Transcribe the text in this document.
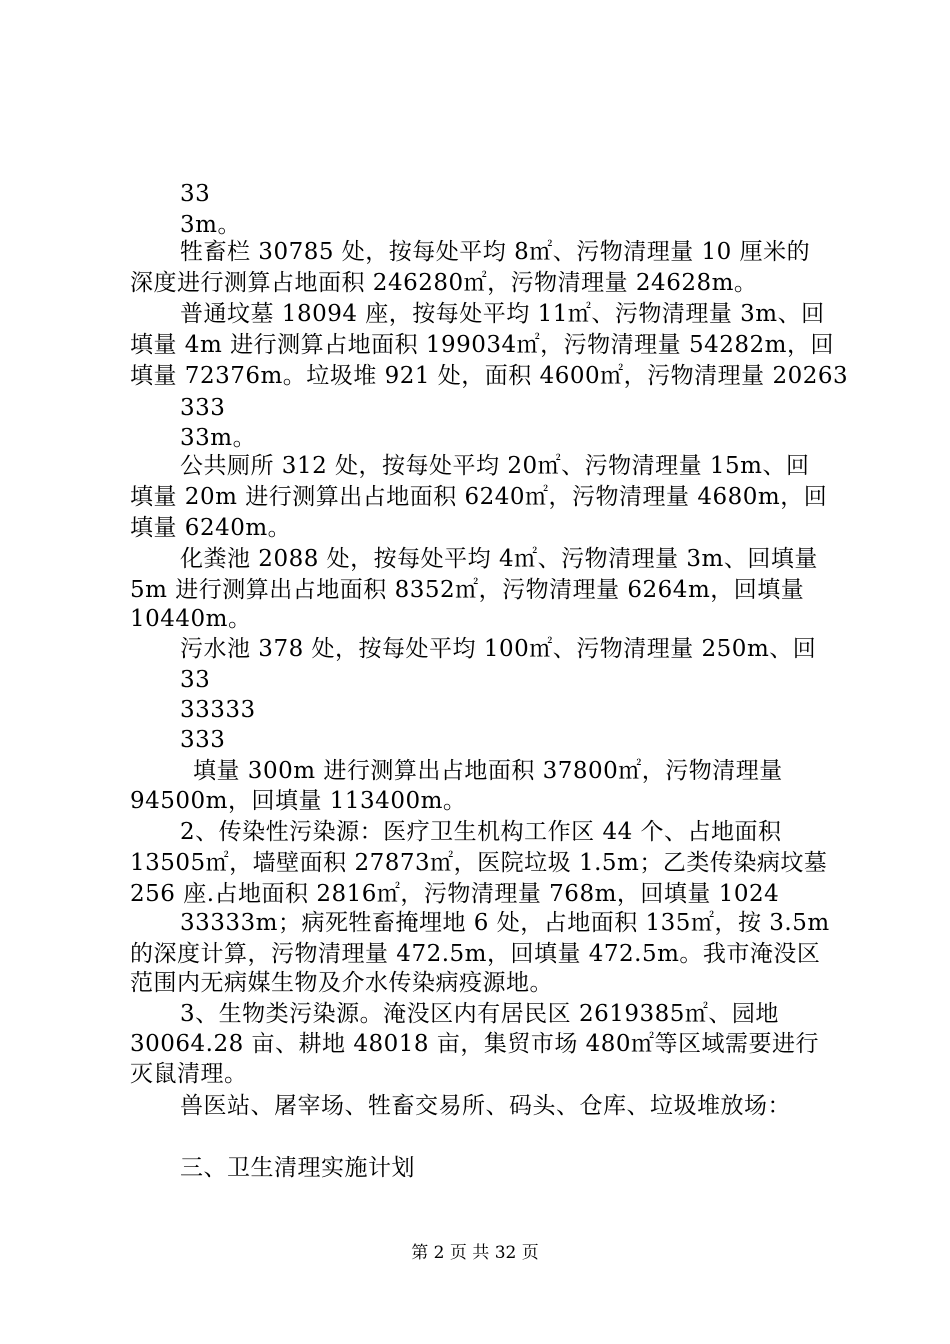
33
3m。
牲畜栏 30785 处，按每处平均 8㎡、污物清理量 10 厘米的
深度进行测算占地面积 246280㎡，污物清理量 24628m。
普通坟墓 18094 座，按每处平均 11㎡、污物清理量 3m、回
填量 4m 进行测算占地面积 199034㎡，污物清理量 54282m，回
填量 72376m。垃圾堆 921 处，面积 4600㎡，污物清理量 20263
333
33m。
公共厕所 312 处，按每处平均 20㎡、污物清理量 15m、回
填量 20m 进行测算出占地面积 6240㎡，污物清理量 4680m，回
填量 6240m。
化粪池 2088 处，按每处平均 4㎡、污物清理量 3m、回填量
5m 进行测算出占地面积 8352㎡，污物清理量 6264m，回填量
10440m。
污水池 378 处，按每处平均 100㎡、污物清理量 250m、回
33
33333
333
填量 300m 进行测算出占地面积 37800㎡，污物清理量
94500m，回填量 113400m。
2、传染性污染源：医疗卫生机构工作区 44 个、占地面积
13505㎡，墙壁面积 27873㎡，医院垃圾 1.5m；乙类传染病坟墓
256 座.占地面积 2816㎡，污物清理量 768m，回填量 1024
33333m；病死牲畜掩埋地 6 处，占地面积 135㎡，按 3.5m
的深度计算，污物清理量 472.5m，回填量 472.5m。我市淹没区
范围内无病媒生物及介水传染病疫源地。
3、生物类污染源。淹没区内有居民区 2619385㎡、园地
30064.28 亩、耕地 48018 亩，集贸市场 480㎡等区域需要进行
灭鼠清理。
兽医站、屠宰场、牲畜交易所、码头、仓库、垃圾堆放场：
三、卫生清理实施计划
第 2 页 共 32 页
